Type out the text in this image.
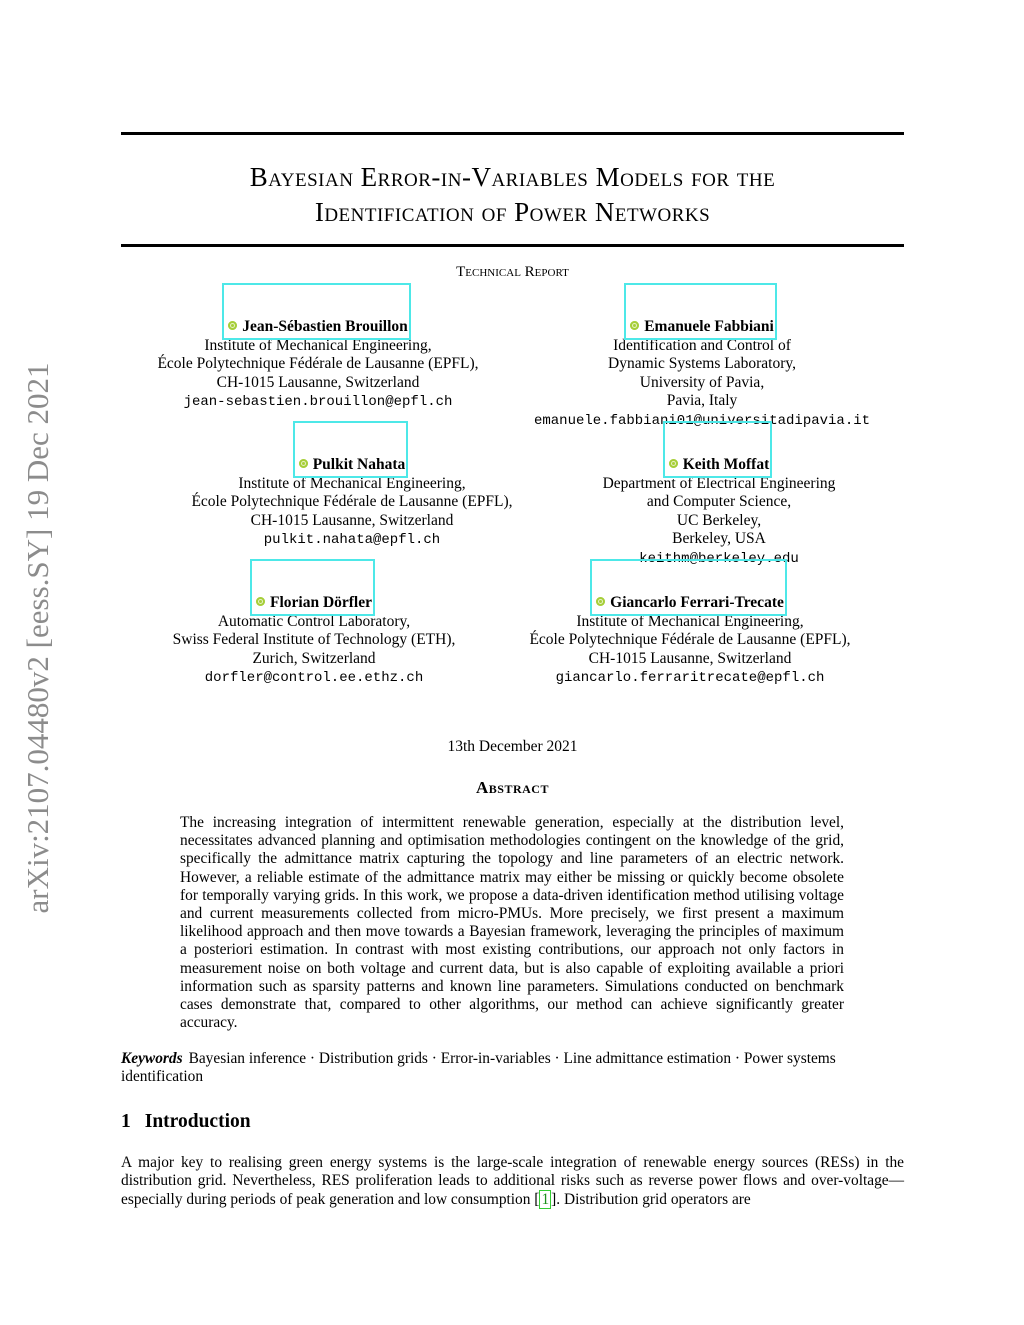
arXiv:2107.04480v2 [eess.SY] 19 Dec 2021
Bayesian Error-in-Variables Models for the
Identification of Power Networks
Technical Report
Jean-Sébastien Brouillon
Institute of Mechanical Engineering,
École Polytechnique Fédérale de Lausanne (EPFL),
CH-1015 Lausanne, Switzerland
jean-sebastien.brouillon@epfl.ch
Emanuele Fabbiani
Identification and Control of
Dynamic Systems Laboratory,
University of Pavia,
Pavia, Italy
emanuele.fabbiani01@universitadipavia.it
Pulkit Nahata
Institute of Mechanical Engineering,
École Polytechnique Fédérale de Lausanne (EPFL),
CH-1015 Lausanne, Switzerland
pulkit.nahata@epfl.ch
Keith Moffat
Department of Electrical Engineering
and Computer Science,
UC Berkeley,
Berkeley, USA
keithm@berkeley.edu
Florian Dörfler
Automatic Control Laboratory,
Swiss Federal Institute of Technology (ETH),
Zurich, Switzerland
dorfler@control.ee.ethz.ch
Giancarlo Ferrari-Trecate
Institute of Mechanical Engineering,
École Polytechnique Fédérale de Lausanne (EPFL),
CH-1015 Lausanne, Switzerland
giancarlo.ferraritrecate@epfl.ch
13th December 2021
Abstract
The increasing integration of intermittent renewable generation, especially at the distribution level, necessitates advanced planning and optimisation methodologies contingent on the knowledge of the grid, specifically the admittance matrix capturing the topology and line parameters of an electric network. However, a reliable estimate of the admittance matrix may either be missing or quickly become obsolete for temporally varying grids. In this work, we propose a data-driven identification method utilising voltage and current measurements collected from micro-PMUs. More precisely, we first present a maximum likelihood approach and then move towards a Bayesian framework, leveraging the principles of maximum a posteriori estimation. In contrast with most existing contributions, our approach not only factors in measurement noise on both voltage and current data, but is also capable of exploiting available a priori information such as sparsity patterns and known line parameters. Simulations conducted on benchmark cases demonstrate that, compared to other algorithms, our method can achieve significantly greater accuracy.
Keywords Bayesian inference · Distribution grids · Error-in-variables · Line admittance estimation · Power systems identification
1 Introduction
A major key to realising green energy systems is the large-scale integration of renewable energy sources (RESs) in the distribution grid. Nevertheless, RES proliferation leads to additional risks such as reverse power flows and over-voltage—especially during periods of peak generation and low consumption [ 1 ]. Distribution grid operators are
